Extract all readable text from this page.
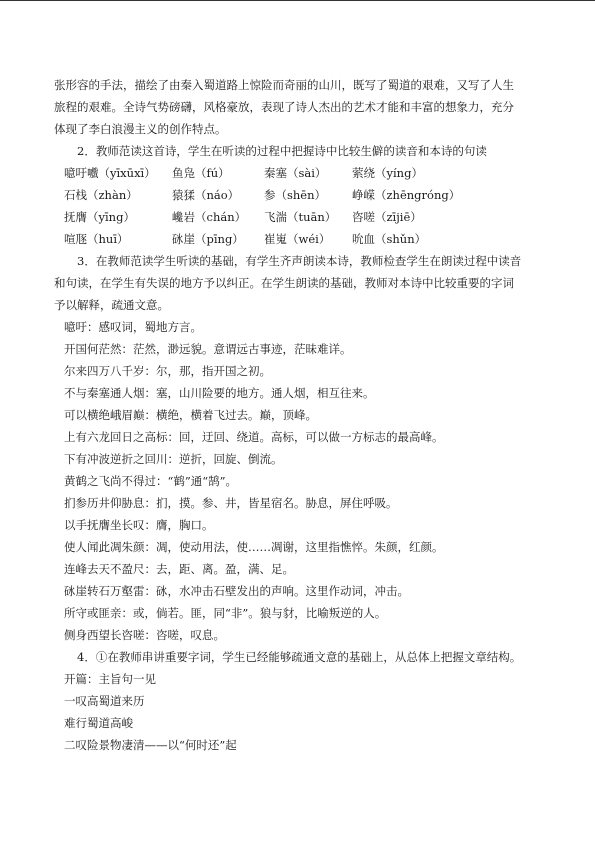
张形容的手法，描绘了由秦入蜀道路上惊险而奇丽的山川，既写了蜀道的艰难，又写了人生

旅程的艰难。全诗气势磅礴，风格豪放，表现了诗人杰出的艺术才能和丰富的想象力，充分

体现了李白浪漫主义的创作特点。

2．教师范读这首诗，学生在听读的过程中把握诗中比较生僻的读音和本诗的句读

噫吁嚱（yīxūxī） 鱼凫（fú）	秦塞（sài） 萦绕（yíng）
石栈（zhàn）	猿猱（náo） 参（shēn） 峥嵘（zhēngróng）
抚膺（yīng）	巉岩（chán） 飞湍（tuān） 咨嗟（zījiē）
喧豗（huī）	砯崖（pīng） 崔嵬（wéi） 吮血（shǔn）

3．在教师范读学生听读的基础，有学生齐声朗读本诗，教师检查学生在朗读过程中读音

和句读，在学生有失误的地方予以纠正。在学生朗读的基础，教师对本诗中比较重要的字词

予以解释，疏通文意。

噫吁：感叹词，蜀地方言。

开国何茫然：茫然，渺远貌。意谓远古事迹，茫昧难详。

尔来四万八千岁：尔，那，指开国之初。

不与秦塞通人烟：塞，山川险要的地方。通人烟，相互往来。

可以横绝峨眉巅：横绝，横着飞过去。巅，顶峰。

上有六龙回日之高标：回，迂回、绕道。高标，可以做一方标志的最高峰。

下有冲波逆折之回川：逆折，回旋、倒流。

黄鹤之飞尚不得过：“鹤”通“鹄”。

扪参历井仰胁息：扪，摸。参、井，皆星宿名。胁息，屏住呼吸。

以手抚膺坐长叹：膺，胸口。

使人闻此凋朱颜：凋，使动用法，使……凋谢，这里指憔悴。朱颜，红颜。

连峰去天不盈尺：去，距、离。盈，满、足。

砯崖转石万壑雷：砯，水冲击石壁发出的声响。这里作动词，冲击。

所守或匪亲：或，倘若。匪，同“非”。狼与豺，比喻叛逆的人。

侧身西望长咨嗟：咨嗟，叹息。

4．①在教师串讲重要字词，学生已经能够疏通文意的基础上，从总体上把握文章结构。

开篇：主旨句一见

一叹高蜀道来历

难行蜀道高峻

二叹险景物凄清——以“何时还”起
